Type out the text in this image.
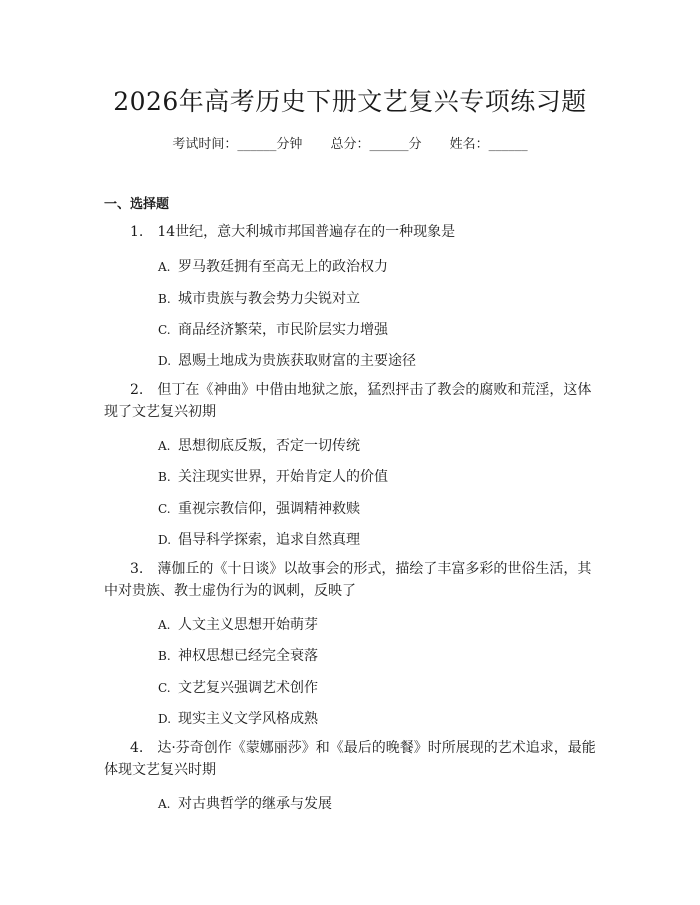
2026年高考历史下册文艺复兴专项练习题
考试时间：______分钟 总分：______分 姓名：______
一、选择题
1. 14世纪，意大利城市邦国普遍存在的一种现象是
A. 罗马教廷拥有至高无上的政治权力
B. 城市贵族与教会势力尖锐对立
C. 商品经济繁荣，市民阶层实力增强
D. 恩赐土地成为贵族获取财富的主要途径
2. 但丁在《神曲》中借由地狱之旅，猛烈抨击了教会的腐败和荒淫，这体现了文艺复兴初期
A. 思想彻底反叛，否定一切传统
B. 关注现实世界，开始肯定人的价值
C. 重视宗教信仰，强调精神救赎
D. 倡导科学探索，追求自然真理
3. 薄伽丘的《十日谈》以故事会的形式，描绘了丰富多彩的世俗生活，其中对贵族、教士虚伪行为的讽刺，反映了
A. 人文主义思想开始萌芽
B. 神权思想已经完全衰落
C. 文艺复兴强调艺术创作
D. 现实主义文学风格成熟
4. 达·芬奇创作《蒙娜丽莎》和《最后的晚餐》时所展现的艺术追求，最能体现文艺复兴时期
A. 对古典哲学的继承与发展
